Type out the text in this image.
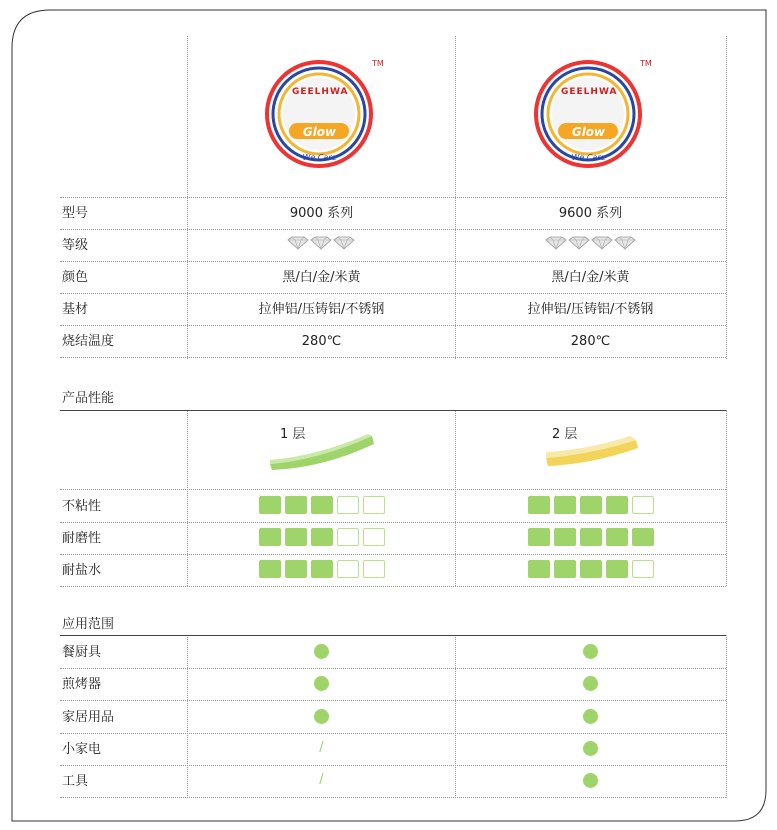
GEELHWA
Glow
We Care
TM
GEELHWA
Glow
We Care
TM
型号	9000 系列	9600 系列
等级
颜色	黑/白/金/米黄	黑/白/金/米黄
基材	拉伸铝/压铸铝/不锈钢	拉伸铝/压铸铝/不锈钢
烧结温度	280℃	280℃
产品性能
1 层	2 层
不粘性
耐磨性
耐盐水
应用范围
餐厨具
煎烤器
家居用品
小家电	/
工具	/
